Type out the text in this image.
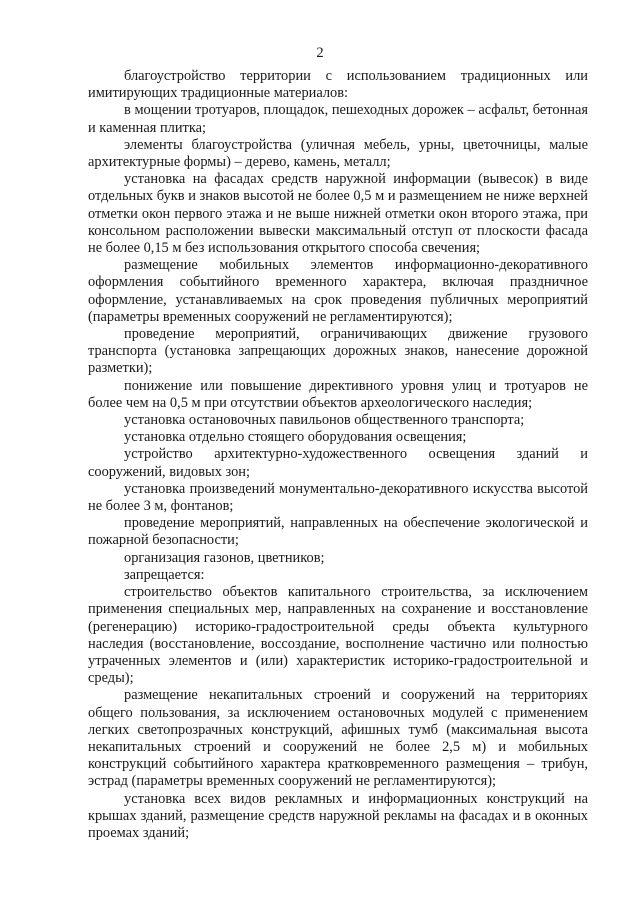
2

благоустройство территории с использованием традиционных или имитирующих традиционные материалов:

в мощении тротуаров, площадок, пешеходных дорожек – асфальт, бетонная и каменная плитка;

элементы благоустройства (уличная мебель, урны, цветочницы, малые архитектурные формы) – дерево, камень, металл;

установка на фасадах средств наружной информации (вывесок) в виде отдельных букв и знаков высотой не более 0,5 м и размещением не ниже верхней отметки окон первого этажа и не выше нижней отметки окон второго этажа, при консольном расположении вывески максимальный отступ от плоскости фасада не более 0,15 м без использования открытого способа свечения;

размещение мобильных элементов информационно-декоративного оформления событийного временного характера, включая праздничное оформление, устанавливаемых на срок проведения публичных мероприятий (параметры временных сооружений не регламентируются);

проведение мероприятий, ограничивающих движение грузового транспорта (установка запрещающих дорожных знаков, нанесение дорожной разметки);

понижение или повышение директивного уровня улиц и тротуаров не более чем на 0,5 м при отсутствии объектов археологического наследия;

установка остановочных павильонов общественного транспорта;

установка отдельно стоящего оборудования освещения;

устройство архитектурно-художественного освещения зданий и сооружений, видовых зон;

установка произведений монументально-декоративного искусства высотой не более 3 м, фонтанов;

проведение мероприятий, направленных на обеспечение экологической и пожарной безопасности;

организация газонов, цветников;

запрещается:

строительство объектов капитального строительства, за исключением применения специальных мер, направленных на сохранение и восстановление (регенерацию) историко-градостроительной среды объекта культурного наследия (восстановление, воссоздание, восполнение частично или полностью утраченных элементов и (или) характеристик историко-градостроительной и среды);

размещение некапитальных строений и сооружений на территориях общего пользования, за исключением остановочных модулей с применением легких светопрозрачных конструкций, афишных тумб (максимальная высота некапитальных строений и сооружений не более 2,5 м) и мобильных конструкций событийного характера кратковременного размещения – трибун, эстрад (параметры временных сооружений не регламентируются);

установка всех видов рекламных и информационных конструкций на крышах зданий, размещение средств наружной рекламы на фасадах и в оконных проемах зданий;
